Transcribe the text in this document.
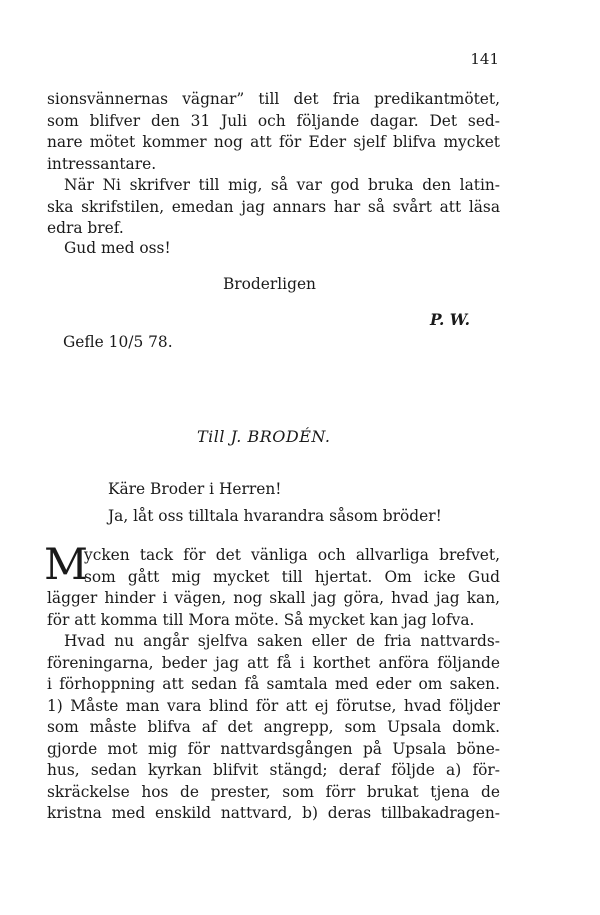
141
sionsvännernas vägnar” till det fria predikantmötet,
som blifver den 31 Juli och följande dagar. Det sed-
nare mötet kommer nog att för Eder sjelf blifva mycket
intressantare.
När Ni skrifver till mig, så var god bruka den latin-
ska skrifstilen, emedan jag annars har så svårt att läsa
edra bref.
Gud med oss!
Broderligen
P. W.
Gefle 10/5 78.
Till J. BRODÉN.
Käre Broder i Herren!
Ja, låt oss tilltala hvarandra såsom bröder!
M
ycken tack för det vänliga och allvarliga brefvet,
som gått mig mycket till hjertat. Om icke Gud
lägger hinder i vägen, nog skall jag göra, hvad jag kan,
för att komma till Mora möte. Så mycket kan jag lofva.
Hvad nu angår sjelfva saken eller de fria nattvards-
föreningarna, beder jag att få i korthet anföra följande
i förhoppning att sedan få samtala med eder om saken.
1) Måste man vara blind för att ej förutse, hvad följder
som måste blifva af det angrepp, som Upsala domk.
gjorde mot mig för nattvardsgången på Upsala böne-
hus, sedan kyrkan blifvit stängd; deraf följde a) för-
skräckelse hos de prester, som förr brukat tjena de
kristna med enskild nattvard, b) deras tillbakadragen-
